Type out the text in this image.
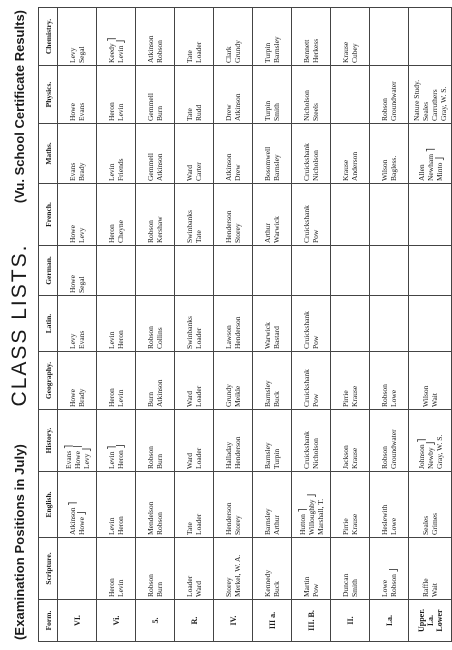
(Examination Positions in July)
CLASS LISTS.
(Vu. School Certificate Results)
Form.	Scripture.	English.	History.	Geography.	Latin.	German.	French.	Maths.	Physics.	Chemistry.

VI.		Atkinson ⎤ Howe ⎦	Evans ⎤ Howe ⎥ Levy ⎦	Howe Brady	Levy Evans	Howe Segal	Howe Levy	Evans Brady	Howe Evans	Levy Segal

Vi.	Heron Levin	Levin Heron	Levin ⎤ Heron ⎦	Heron Levin	Levin Heron		Heron Cheyne	Levin Friends	Heron Levin	Keedy ⎤ Levin ⎦

5.	Robson Burn	Mendelson Robson	Robson Burn	Burn Atkinson	Robson Collins		Robson Kershaw	Gemmell Atkinson	Gemmell Burn	Atkinson Robson

R.	Loader Ward	Tate Loader	Ward Loader	Ward Loader	Swinbanks Loader		Swinbanks Tate	Ward Carter	Tate Rudd	Tate Loader

IV.	Storey Merkel, W. A.	Henderson Storey	Halladay Henderson	Grundy Meikle	Lawson Henderson		Henderson Storey	Atkinson Drew	Drew Atkinson	Clark Grundy

III a.	Kennedy Buck	Barnsley Arthur	Barnsley Turpin	Barnsley Buck	Warwick Bastard		Arthur Warwick	Bosomwell Barnsley	Turpin Smith	Turpin Barnsley

III. B.	Martin Pow	Hutton ⎤ Willoughby ⎦ Marshall, T.	Cruickshank Nicholson	Cruickshank Pow	Cruickshank Pow		Cruickshank Pow	Cruickshank Nicholson	Nicholson Steels	Bennett Herkess

II.	Duncan Smith	Pirrie Krause	Jackson Krause	Pirrie Krause				Krause Anderson		Krause Cubey

I.a.	Lowe Robson ⎦	Heslewith Lowe	Robson Groundwater	Robson Lowe				Wilson Bagless.	Robson Groundwater	

Upper. I.a. Lower	Raffle Wait	Seales Grimes	Johnson ⎤ Newby ⎦ Gray, W. S.	Wilson Wait				Allen Newham ⎤ Minto ⎦	Nature Study. Seales Carruthers Gray, W. S.	
